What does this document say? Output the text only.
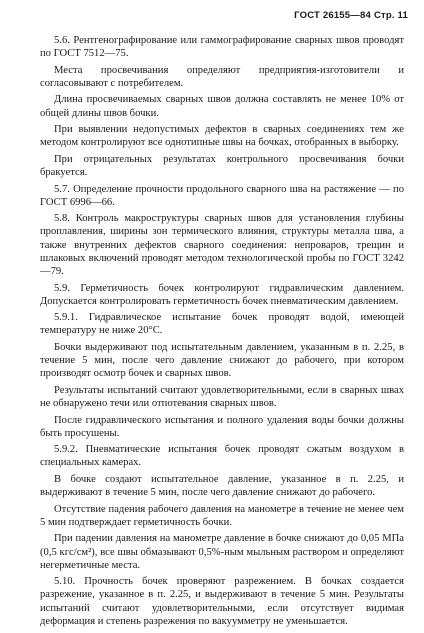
ГОСТ 26155—84 Стр. 11

5.6. Рентгенографирование или гаммографирование сварных швов проводят по ГОСТ 7512—75.

Места просвечивания определяют предприятия-изготовители и согласовывают с потребителем.

Длина просвечиваемых сварных швов должна составлять не менее 10% от общей длины швов бочки.

При выявлении недопустимых дефектов в сварных соединениях тем же методом контролируют все однотипные швы на бочках, отобранных в выборку.

При отрицательных результатах контрольного просвечивания бочки бракуется.

5.7. Определение прочности продольного сварного шва на растяжение — по ГОСТ 6996—66.

5.8. Контроль макроструктуры сварных швов для установления глубины проплавления, ширины зон термического влияния, структуры металла шва, а также внутренних дефектов сварного соединения: непроваров, трещин и шлаковых включений проводят методом технологической пробы по ГОСТ 3242—79.

5.9. Герметичность бочек контролируют гидравлическим давлением. Допускается контролировать герметичность бочек пневматическим давлением.

5.9.1. Гидравлическое испытание бочек проводят водой, имеющей температуру не ниже 20°С.

Бочки выдерживают под испытательным давлением, указанным в п. 2.25, в течение 5 мин, после чего давление снижают до рабочего, при котором производят осмотр бочек и сварных швов.

Результаты испытаний считают удовлетворительными, если в сварных швах не обнаружено течи или отпотевания сварных швов.

После гидравлического испытания и полного удаления воды бочки должны быть просушены.

5.9.2. Пневматические испытания бочек проводят сжатым воздухом в специальных камерах.

В бочке создают испытательное давление, указанное в п. 2.25, и выдерживают в течение 5 мин, после чего давление снижают до рабочего.

Отсутствие падения рабочего давления на манометре в течение не менее чем 5 мин подтверждает герметичность бочки.

При падении давления на манометре давление в бочке снижают до 0,05 МПа (0,5 кгс/см²), все швы обмазывают 0,5%-ным мыльным раствором и определяют негерметичные места.

5.10. Прочность бочек проверяют разрежением. В бочках создается разрежение, указанное в п. 2.25, и выдерживают в течение 5 мин. Результаты испытаний считают удовлетворительными, если отсутствует видимая деформация и степень разрежения по вакуумметру не уменьшается.
